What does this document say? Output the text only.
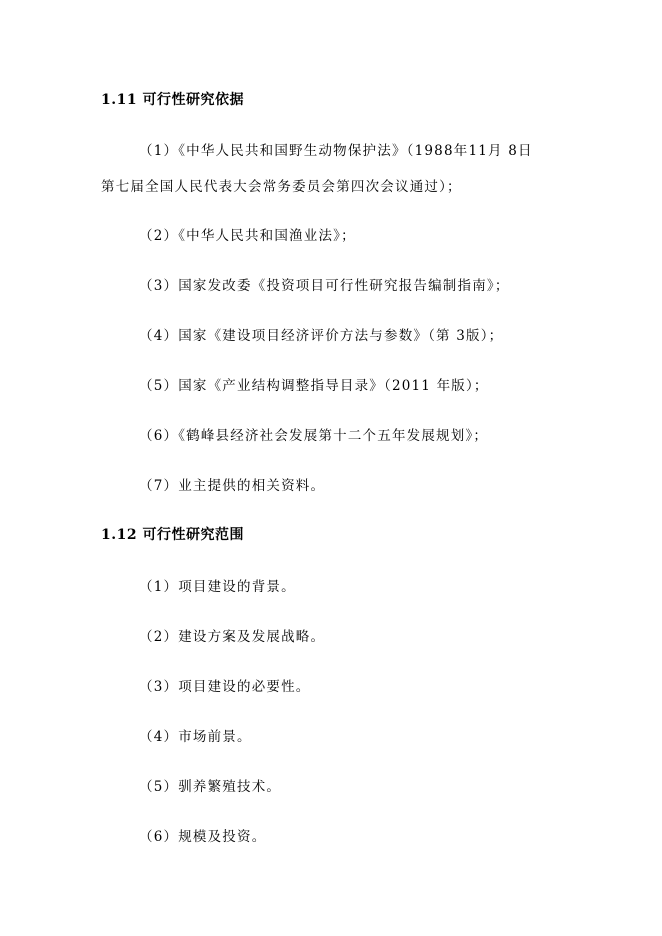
1.11 可行性研究依据
（1）《中华人民共和国野生动物保护法》（1988年11月 8日
第七届全国人民代表大会常务委员会第四次会议通过）；
（2）《中华人民共和国渔业法》；
（3）国家发改委《投资项目可行性研究报告编制指南》；
（4）国家《建设项目经济评价方法与参数》（第 3版）；
（5）国家《产业结构调整指导目录》（2011 年版）；
（6）《鹤峰县经济社会发展第十二个五年发展规划》；
（7）业主提供的相关资料。
1.12 可行性研究范围
（1）项目建设的背景。
（2）建设方案及发展战略。
（3）项目建设的必要性。
（4）市场前景。
（5）驯养繁殖技术。
（6）规模及投资。
